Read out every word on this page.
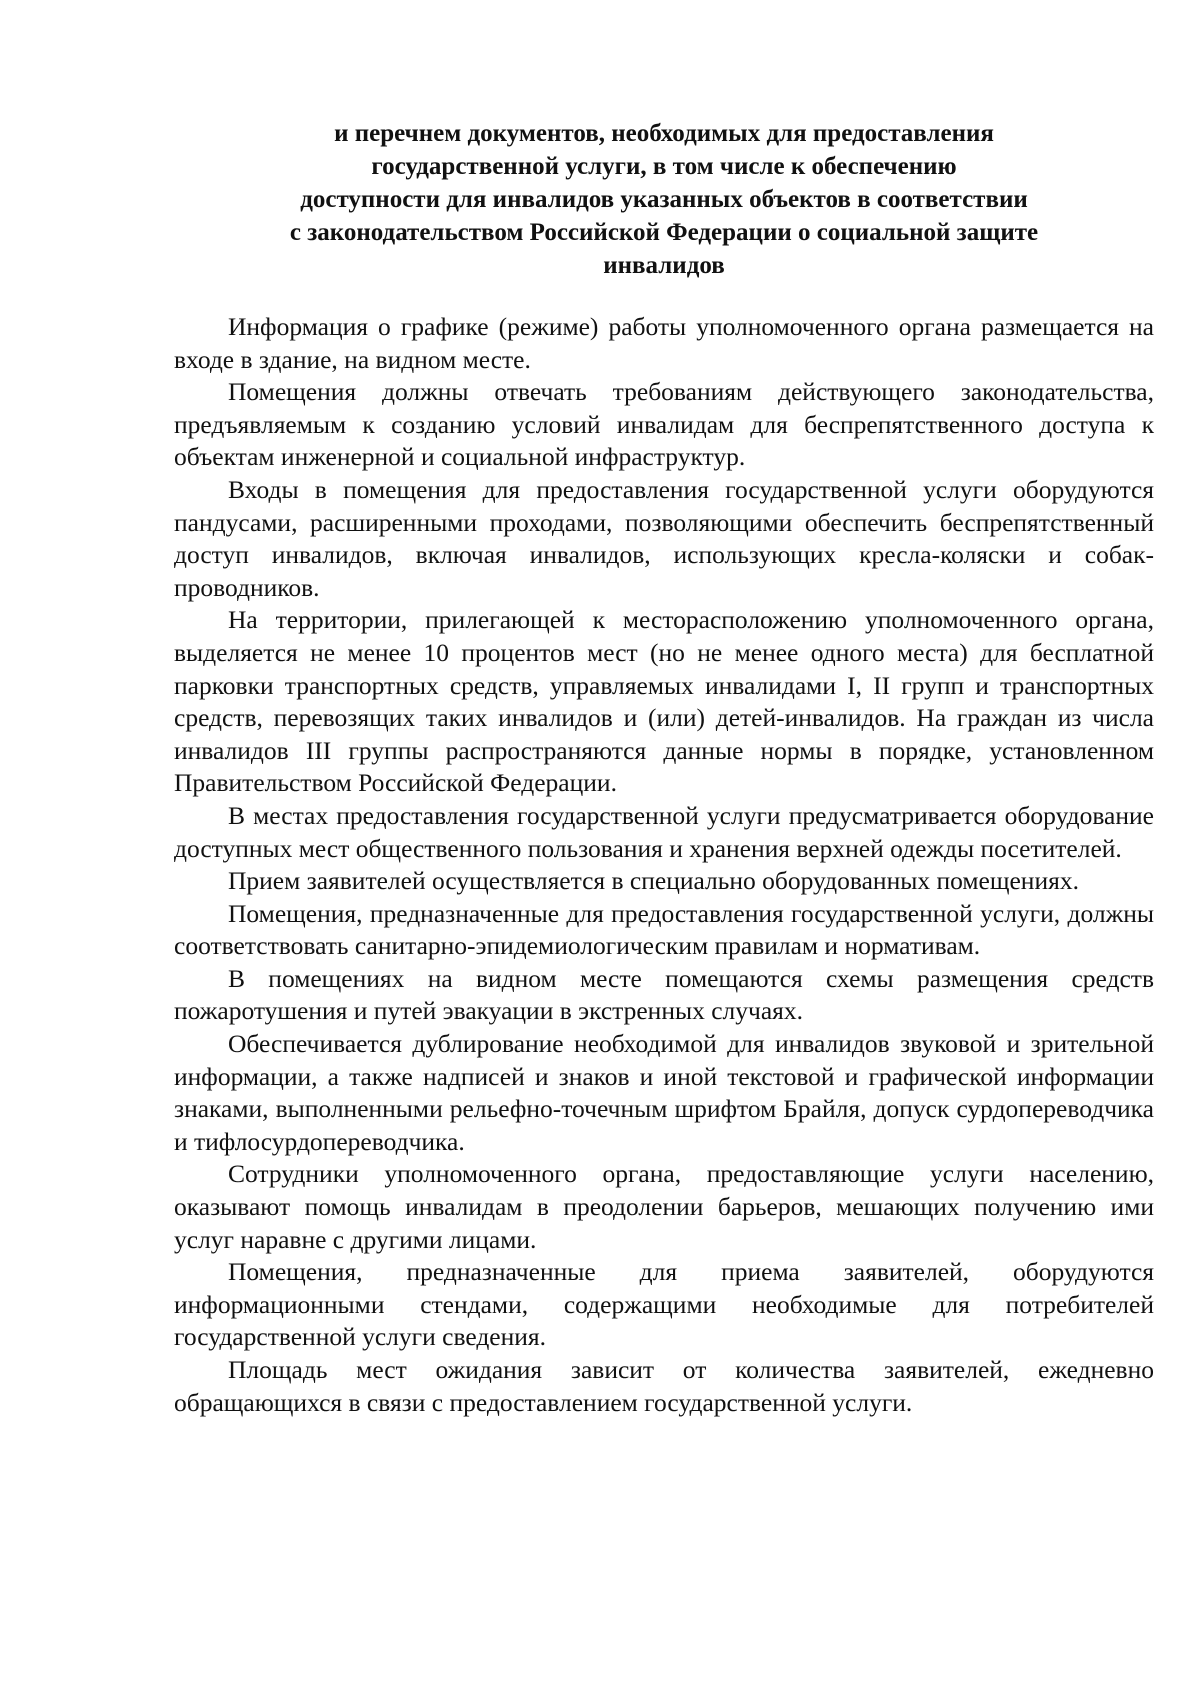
и перечнем документов, необходимых для предоставления
государственной услуги, в том числе к обеспечению
доступности для инвалидов указанных объектов в соответствии
с законодательством Российской Федерации о социальной защите
инвалидов

Информация о графике (режиме) работы уполномоченного органа размещается на входе в здание, на видном месте.

Помещения должны отвечать требованиям действующего законодательства, предъявляемым к созданию условий инвалидам для беспрепятственного доступа к объектам инженерной и социальной инфраструктур.

Входы в помещения для предоставления государственной услуги оборудуются пандусами, расширенными проходами, позволяющими обеспечить беспрепятственный доступ инвалидов, включая инвалидов, использующих кресла-коляски и собак-проводников.

На территории, прилегающей к месторасположению уполномоченного органа, выделяется не менее 10 процентов мест (но не менее одного места) для бесплатной парковки транспортных средств, управляемых инвалидами I, II групп и транспортных средств, перевозящих таких инвалидов и (или) детей-инвалидов. На граждан из числа инвалидов III группы распространяются данные нормы в порядке, установленном Правительством Российской Федерации.

В местах предоставления государственной услуги предусматривается оборудование доступных мест общественного пользования и хранения верхней одежды посетителей.

Прием заявителей осуществляется в специально оборудованных помещениях.

Помещения, предназначенные для предоставления государственной услуги, должны соответствовать санитарно-эпидемиологическим правилам и нормативам.

В помещениях на видном месте помещаются схемы размещения средств пожаротушения и путей эвакуации в экстренных случаях.

Обеспечивается дублирование необходимой для инвалидов звуковой и зрительной информации, а также надписей и знаков и иной текстовой и графической информации знаками, выполненными рельефно-точечным шрифтом Брайля, допуск сурдопереводчика и тифлосурдопереводчика.

Сотрудники уполномоченного органа, предоставляющие услуги населению, оказывают помощь инвалидам в преодолении барьеров, мешающих получению ими услуг наравне с другими лицами.

Помещения, предназначенные для приема заявителей, оборудуются информационными стендами, содержащими необходимые для потребителей государственной услуги сведения.

Площадь мест ожидания зависит от количества заявителей, ежедневно обращающихся в связи с предоставлением государственной услуги.
